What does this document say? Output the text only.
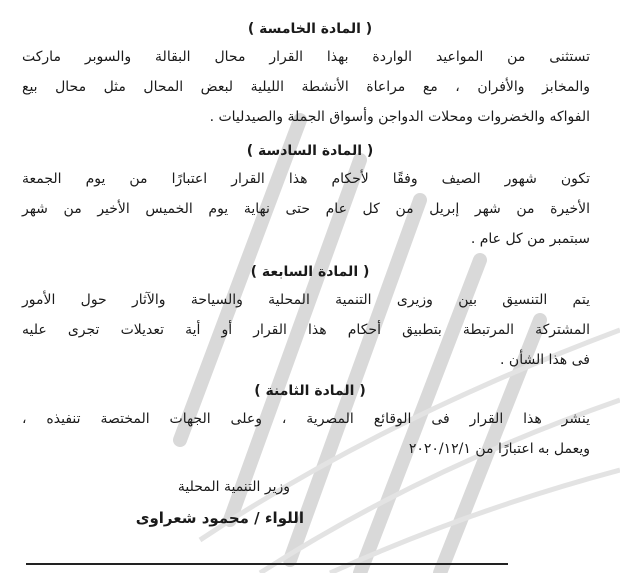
( المادة الخامسة )
تستثنى من المواعيد الواردة بهذا القرار محال البقالة والسوبر ماركت
والمخابز والأفران ، مع مراعاة الأنشطة الليلية لبعض المحال مثل محال بيع
الفواكه والخضروات ومحلات الدواجن وأسواق الجملة والصيدليات .
( المادة السادسة )
تكون شهور الصيف وفقًا لأحكام هذا القرار اعتبارًا من يوم الجمعة
الأخيرة من شهر إبريل من كل عام حتى نهاية يوم الخميس الأخير من شهر
سبتمبر من كل عام .
( المادة السابعة )
يتم التنسيق بين وزيرى التنمية المحلية والسياحة والآثار حول الأمور
المشتركة المرتبطة بتطبيق أحكام هذا القرار أو أية تعديلات تجرى عليه
فى هذا الشأن .
( المادة الثامنة )
ينشر هذا القرار فى الوقائع المصرية ، وعلى الجهات المختصة تنفيذه ،
ويعمل به اعتبارًا من ٢٠٢٠/١٢/١
وزير التنمية المحلية
اللواء / محمود شعراوى
